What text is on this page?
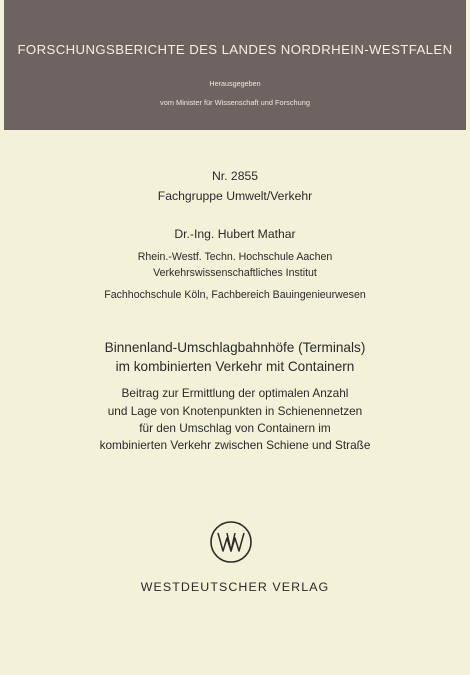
FORSCHUNGSBERICHTE DES LANDES NORDRHEIN-WESTFALEN
Herausgegeben
vom Minister für Wissenschaft und Forschung
Nr. 2855
Fachgruppe Umwelt/Verkehr
Dr.-Ing. Hubert Mathar
Rhein.-Westf. Techn. Hochschule Aachen
Verkehrswissenschaftliches Institut
Fachhochschule Köln, Fachbereich Bauingenieurwesen
Binnenland-Umschlagbahnhöfe (Terminals)
im kombinierten Verkehr mit Containern
Beitrag zur Ermittlung der optimalen Anzahl
und Lage von Knotenpunkten in Schienennetzen
für den Umschlag von Containern im
kombinierten Verkehr zwischen Schiene und Straße
WESTDEUTSCHER VERLAG
